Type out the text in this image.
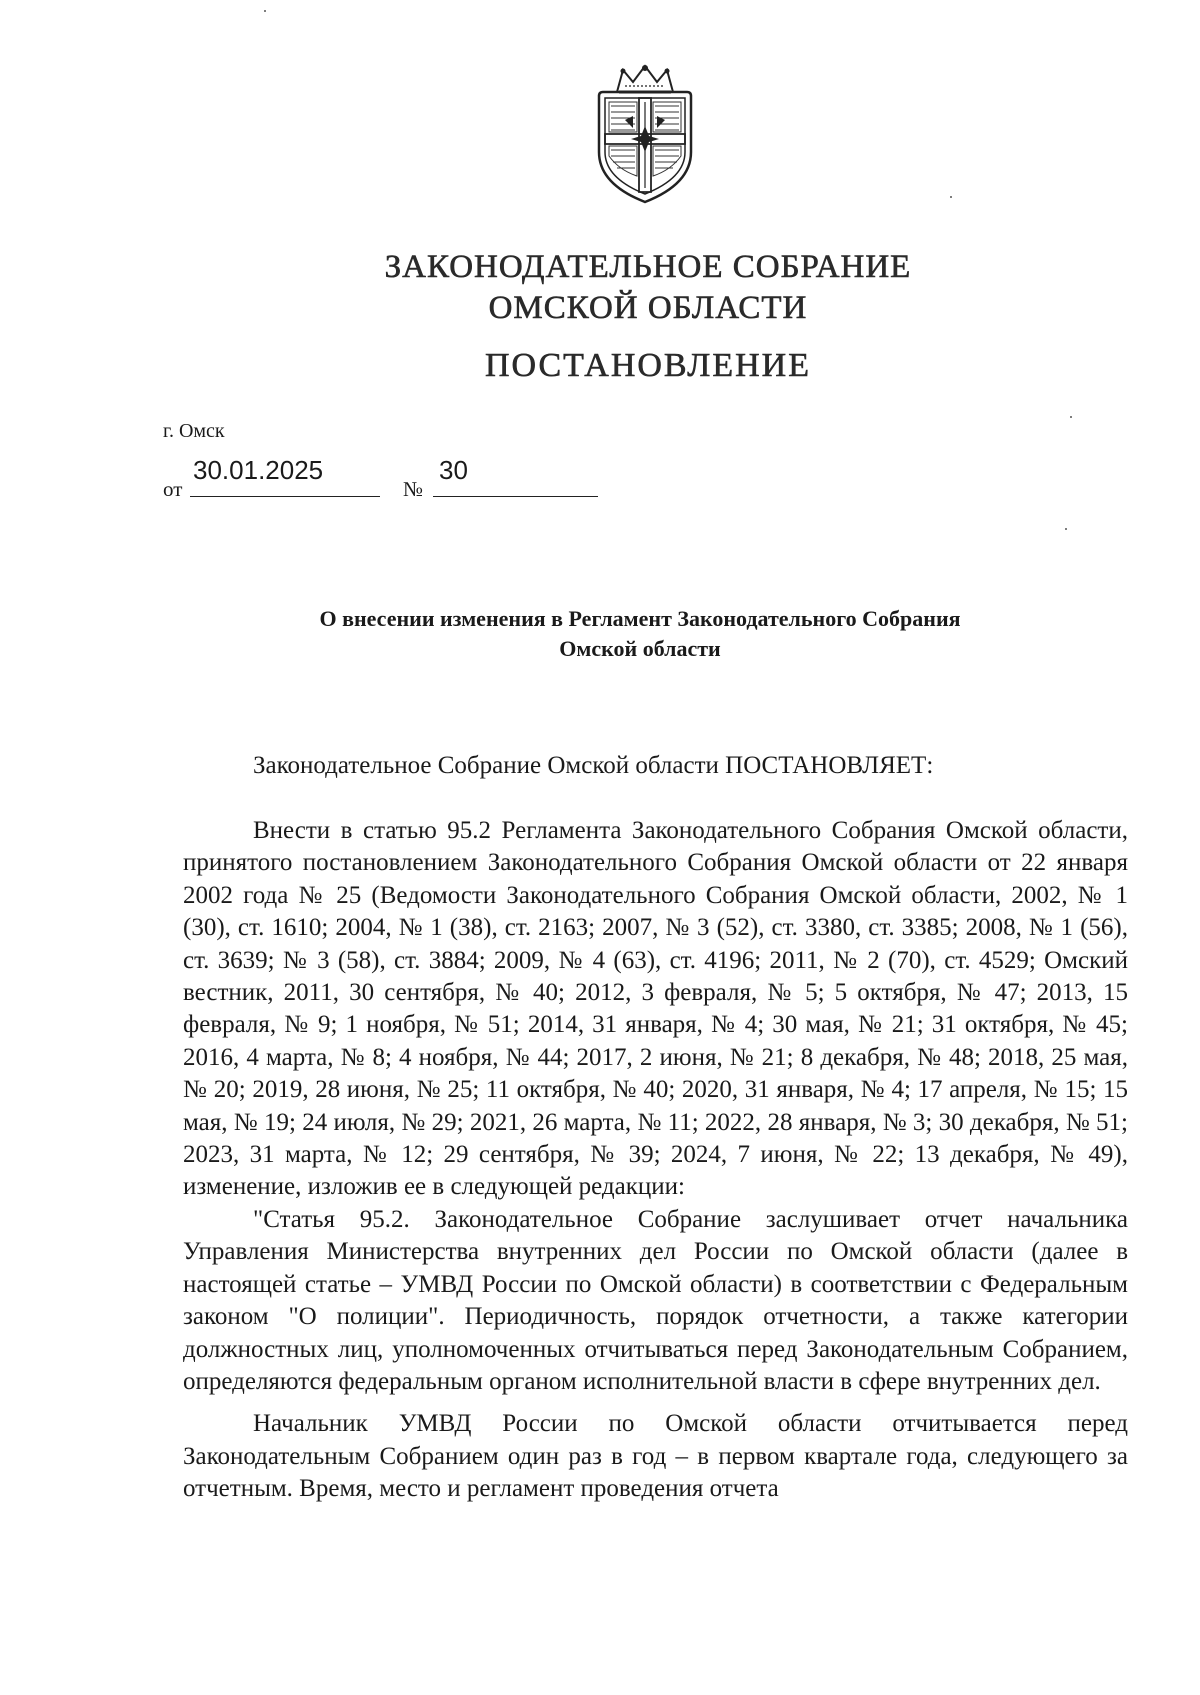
ЗАКОНОДАТЕЛЬНОЕ СОБРАНИЕ
ОМСКОЙ ОБЛАСТИ
ПОСТАНОВЛЕНИЕ
г. Омск
от
30.01.2025
№
30
О внесении изменения в Регламент Законодательного Собрания
Омской области
Законодательное Собрание Омской области ПОСТАНОВЛЯЕТ:

Внести в статью 95.2 Регламента Законодательного Собрания Омской области, принятого постановлением Законодательного Собрания Омской области от 22 января 2002 года № 25 (Ведомости Законодательного Собрания Омской области, 2002, № 1 (30), ст. 1610; 2004, № 1 (38), ст. 2163; 2007, № 3 (52), ст. 3380, ст. 3385; 2008, № 1 (56), ст. 3639; № 3 (58), ст. 3884; 2009, № 4 (63), ст. 4196; 2011, № 2 (70), ст. 4529; Омский вестник, 2011, 30 сентября, № 40; 2012, 3 февраля, № 5; 5 октября, № 47; 2013, 15 февраля, № 9; 1 ноября, № 51; 2014, 31 января, № 4; 30 мая, № 21; 31 октября, № 45; 2016, 4 марта, № 8; 4 ноября, № 44; 2017, 2 июня, № 21; 8 декабря, № 48; 2018, 25 мая, № 20; 2019, 28 июня, № 25; 11 октября, № 40; 2020, 31 января, № 4; 17 апреля, № 15; 15 мая, № 19; 24 июля, № 29; 2021, 26 марта, № 11; 2022, 28 января, № 3; 30 декабря, № 51; 2023, 31 марта, № 12; 29 сентября, № 39; 2024, 7 июня, № 22; 13 декабря, № 49), изменение, изложив ее в следующей редакции:

"Статья 95.2. Законодательное Собрание заслушивает отчет начальника Управления Министерства внутренних дел России по Омской области (далее в настоящей статье – УМВД России по Омской области) в соответствии с Федеральным законом "О полиции". Периодичность, порядок отчетности, а также категории должностных лиц, уполномоченных отчитываться перед Законодательным Собранием, определяются федеральным органом исполнительной власти в сфере внутренних дел.

Начальник УМВД России по Омской области отчитывается перед Законодательным Собранием один раз в год – в первом квартале года, следующего за отчетным. Время, место и регламент проведения отчета
